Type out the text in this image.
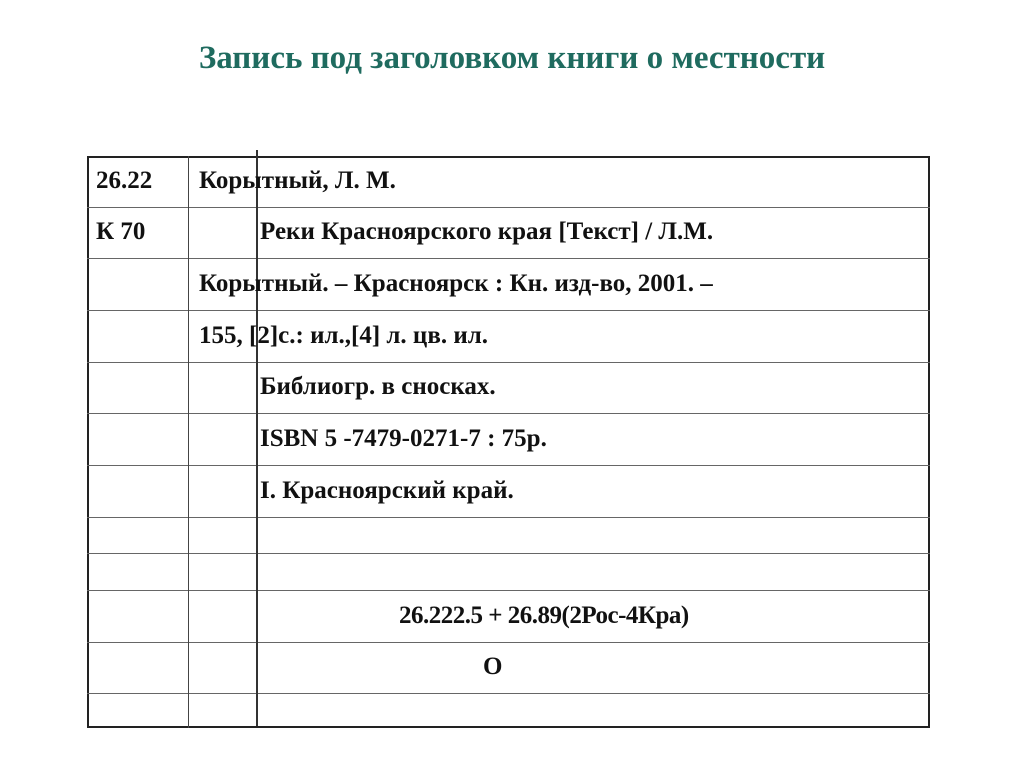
Запись под заголовком книги о местности
26.22
К 70
Корытный, Л. М.
Реки Красноярского края [Текст] / Л.М.
Корытный. – Красноярск : Кн. изд-во, 2001. –
155, [2]с.: ил.,[4] л. цв. ил.
Библиогр. в сносках.
ISBN 5 -7479-0271-7 : 75р.
I. Красноярский край.
26.222.5 + 26.89(2Рос-4Кра)
О
